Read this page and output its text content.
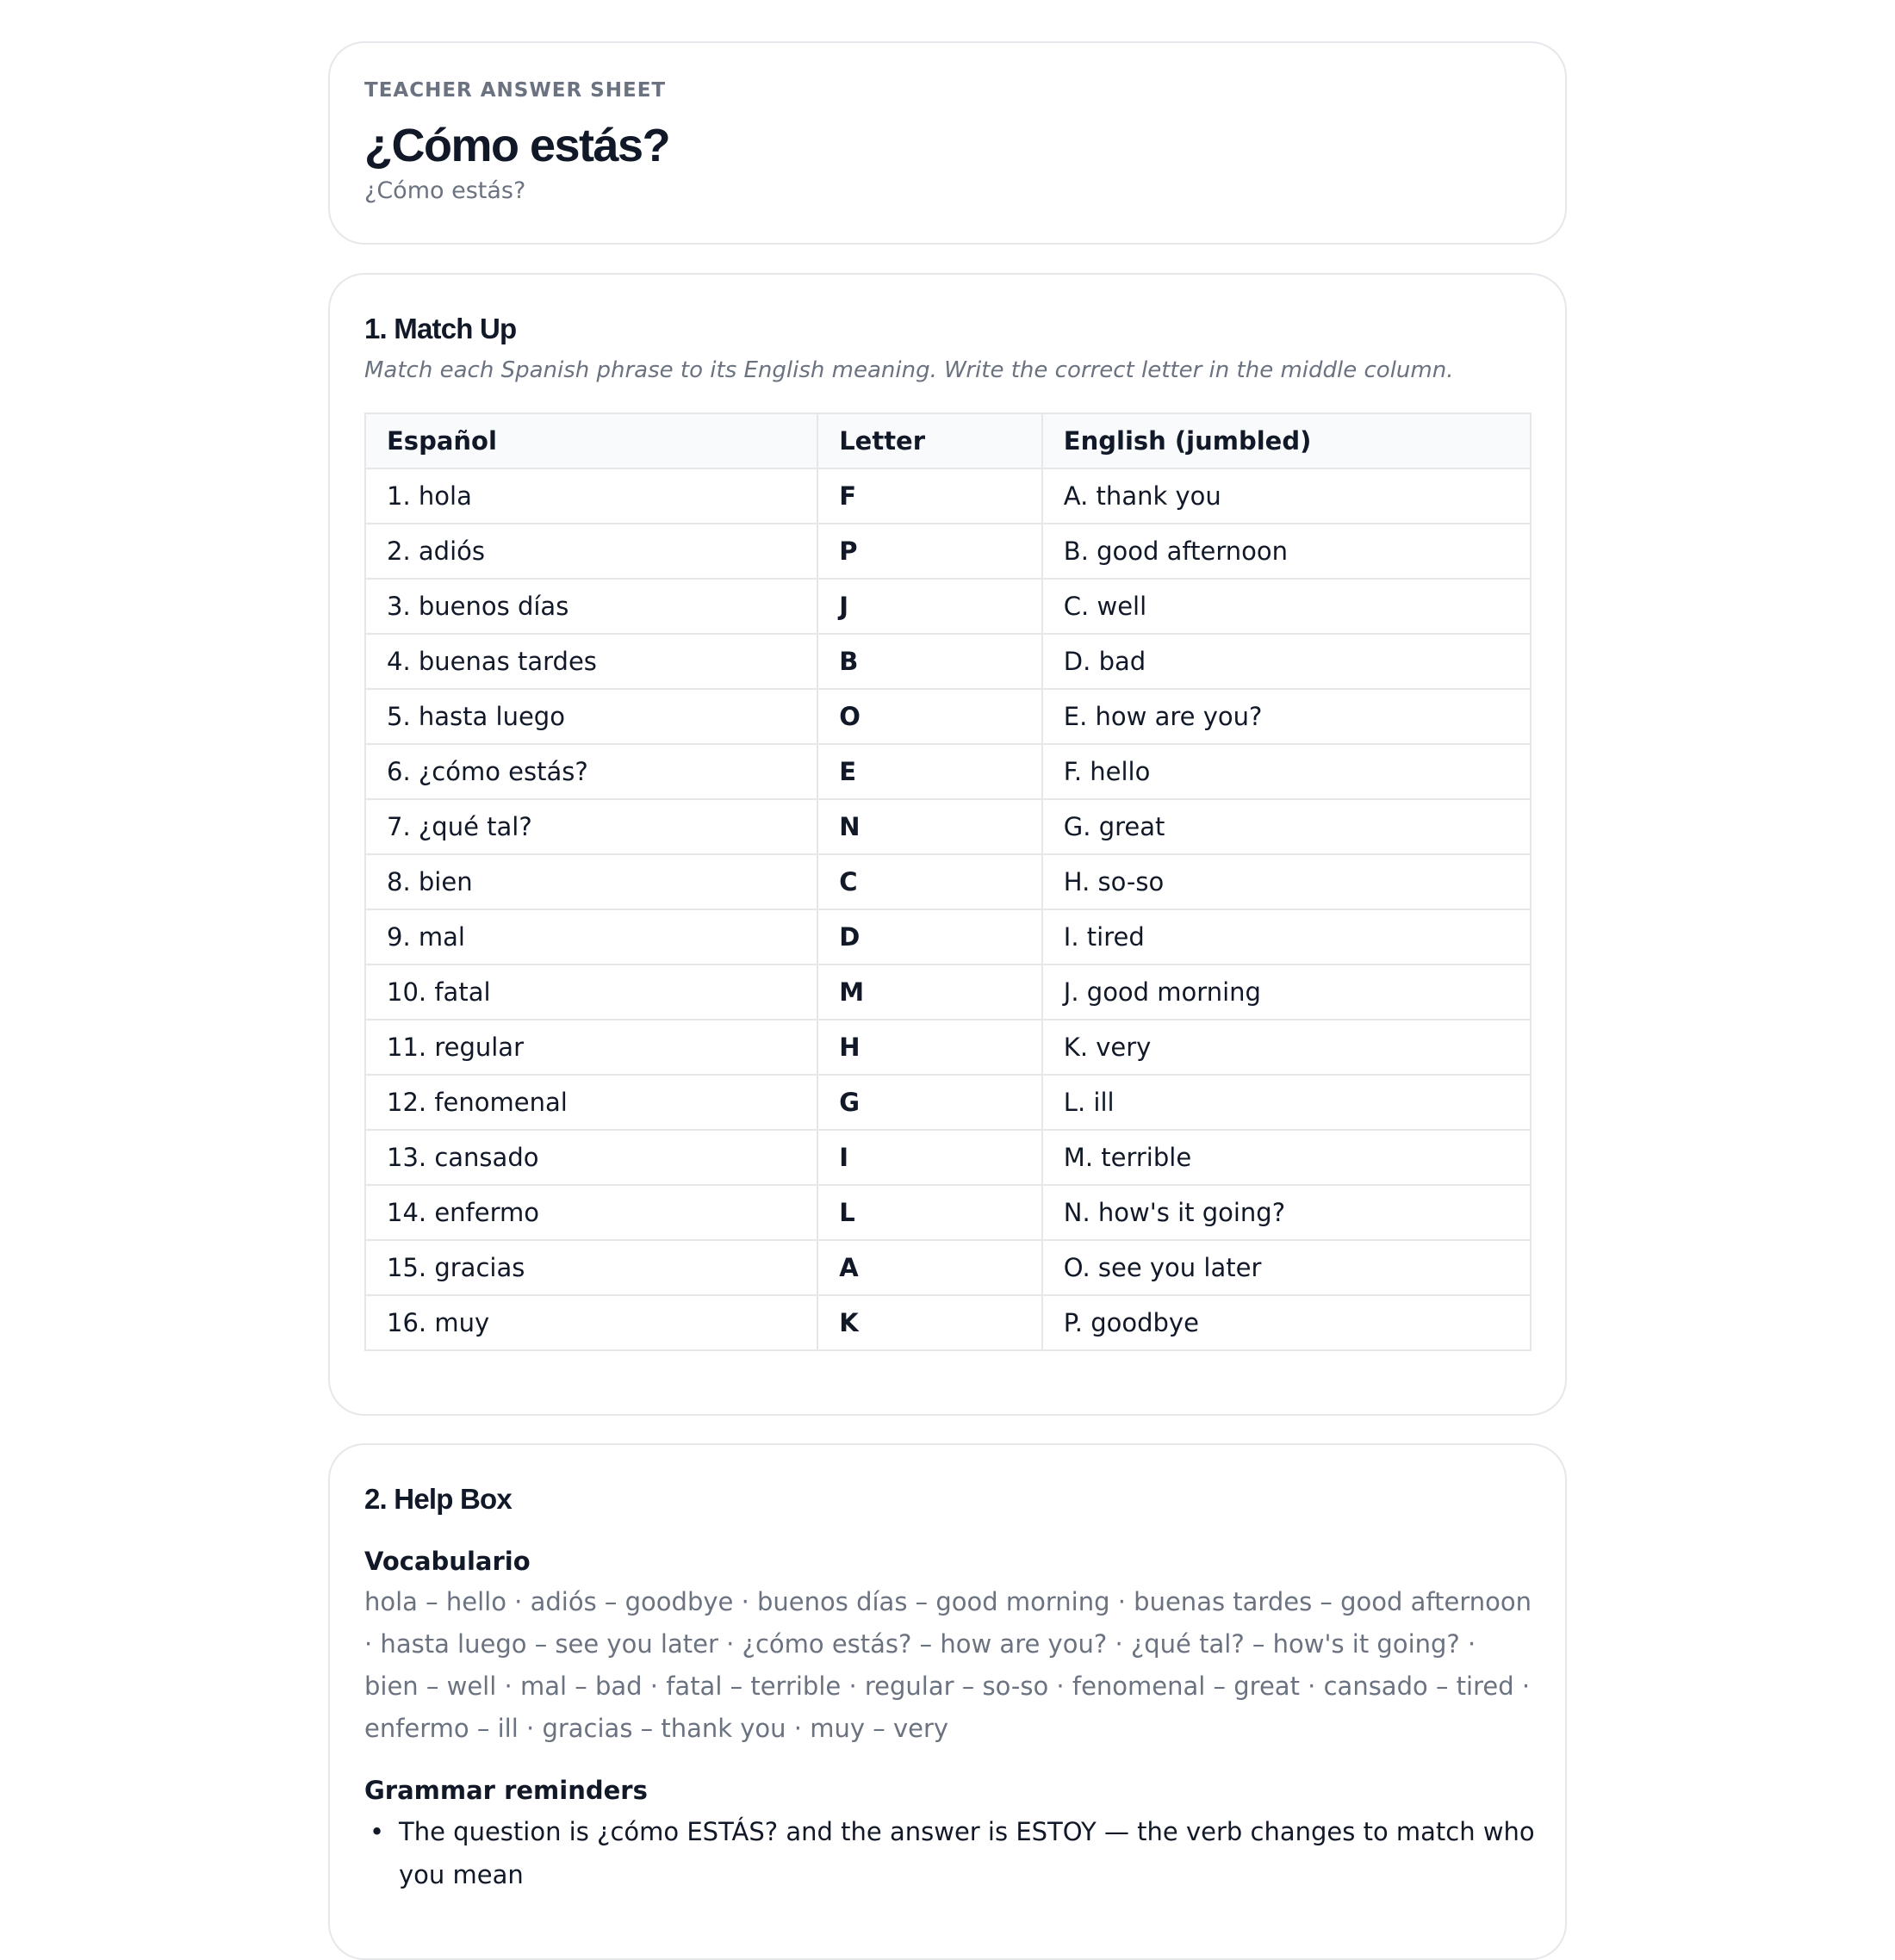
TEACHER ANSWER SHEET
¿Cómo estás?
¿Cómo estás?
1. Match Up
Match each Spanish phrase to its English meaning. Write the correct letter in the middle column.
Español	Letter	English (jumbled)
1. hola	F	A. thank you
2. adiós	P	B. good afternoon
3. buenos días	J	C. well
4. buenas tardes	B	D. bad
5. hasta luego	O	E. how are you?
6. ¿cómo estás?	E	F. hello
7. ¿qué tal?	N	G. great
8. bien	C	H. so-so
9. mal	D	I. tired
10. fatal	M	J. good morning
11. regular	H	K. very
12. fenomenal	G	L. ill
13. cansado	I	M. terrible
14. enfermo	L	N. how's it going?
15. gracias	A	O. see you later
16. muy	K	P. goodbye
2. Help Box
Vocabulario
hola – hello · adiós – goodbye · buenos días – good morning · buenas tardes – good afternoon · hasta luego – see you later · ¿cómo estás? – how are you? · ¿qué tal? – how's it going? · bien – well · mal – bad · fatal – terrible · regular – so-so · fenomenal – great · cansado – tired · enfermo – ill · gracias – thank you · muy – very
Grammar reminders
• The question is ¿cómo ESTÁS? and the answer is ESTOY — the verb changes to match who you mean
